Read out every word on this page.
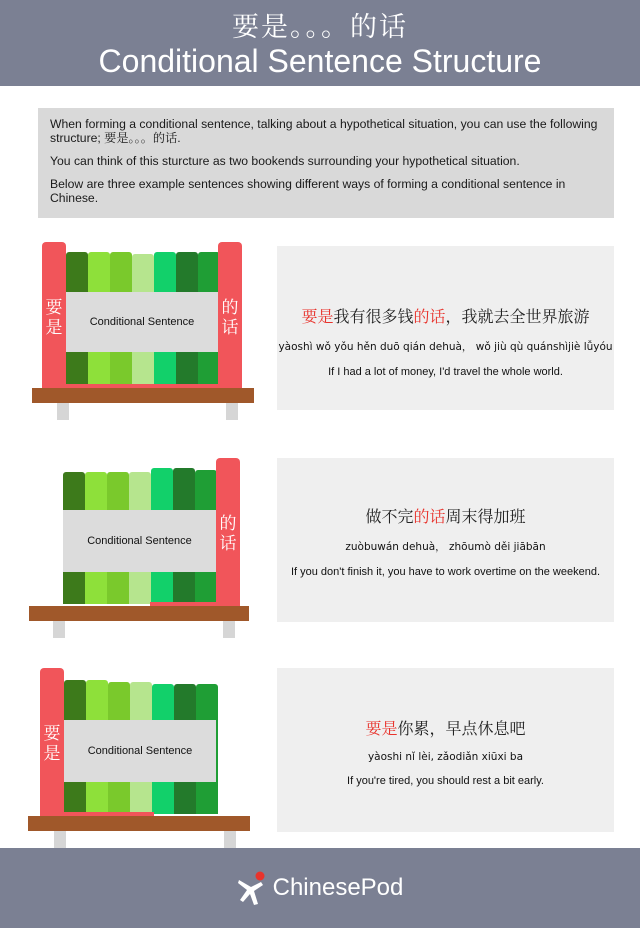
要是。。。的话
Conditional Sentence Structure

When forming a conditional sentence, talking about a hypothetical situation, you can use the following structure; 要是。。。的话.

You can think of this sturcture as two bookends surrounding your hypothetical situation.

Below are three example sentences showing different ways of forming a conditional sentence in Chinese.

要
是	Conditional Sentence
的
话
Conditional Sentence
的
话
要
是	Conditional Sentence
要是我有很多钱的话，我就去全世界旅游
yàoshì wǒ yǒu hěn duō qián dehuà， wǒ jiù qù quánshìjiè lǚyóu
If I had a lot of money, I'd travel the whole world.
做不完的话周末得加班
zuòbuwán dehuà， zhōumò děi jiābān
If you don't finish it, you have to work overtime on the weekend.
要是你累，早点休息吧
yàoshi nǐ lèi, zǎodiǎn xiūxi ba
If you're tired, you should rest a bit early.
ChinesePod
